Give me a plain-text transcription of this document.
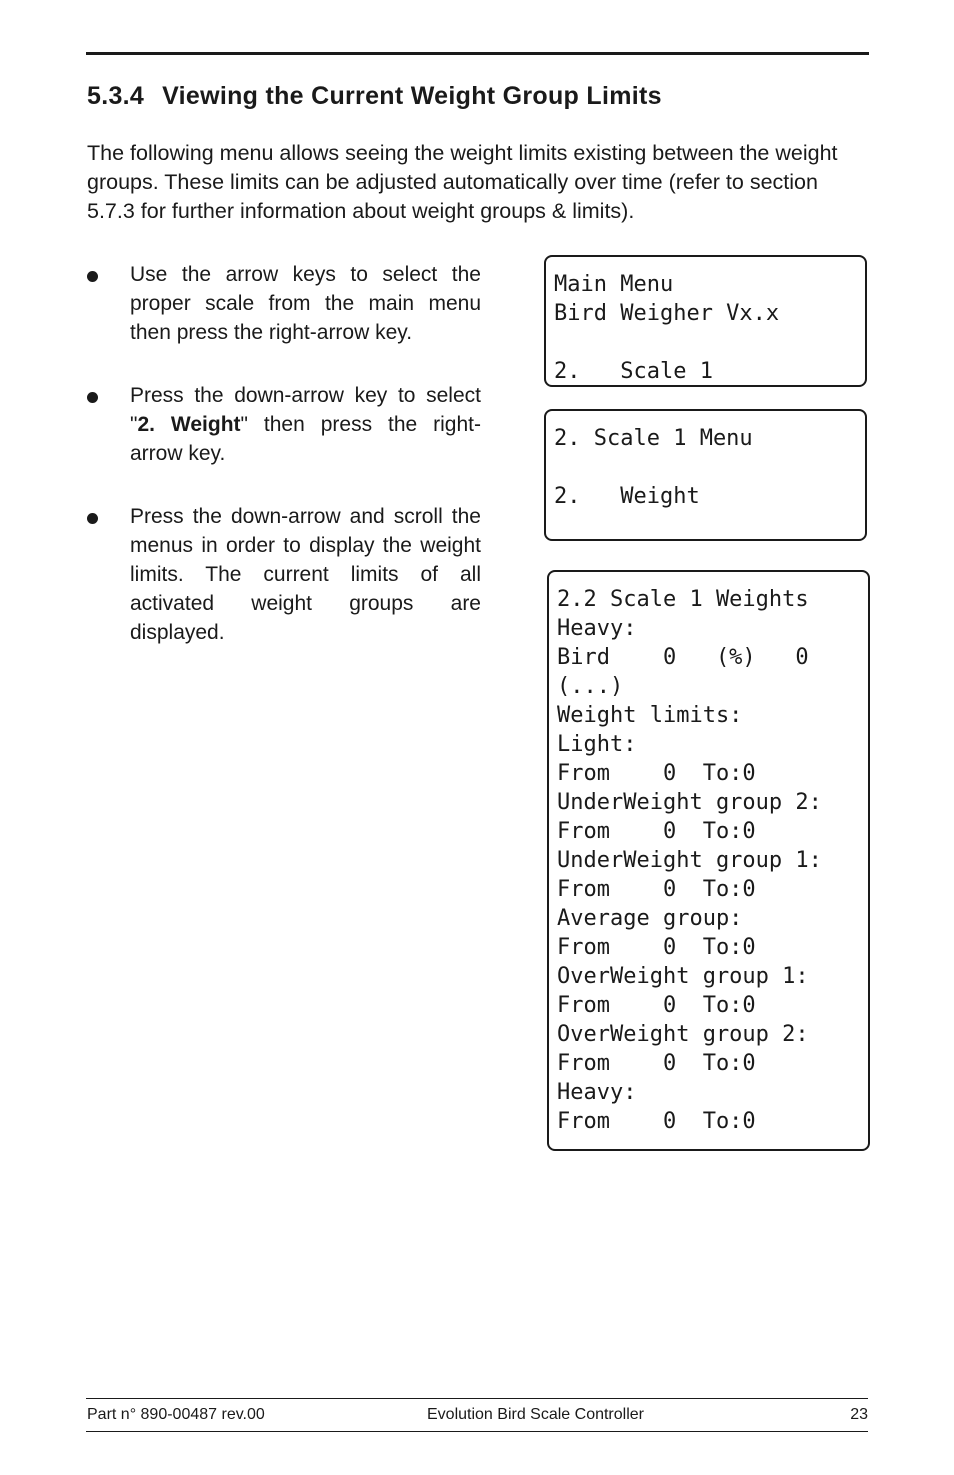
5.3.4 Viewing the Current Weight Group Limits

The following menu allows seeing the weight limits existing between the weight groups. These limits can be adjusted automatically over time (refer to section 5.7.3 for further information about weight groups & limits).

Use the arrow keys to select the proper scale from the main menu then press the right-arrow key.
Press the down-arrow key to select "2. Weight" then press the right-arrow key.
Press the down-arrow and scroll the menus in order to display the weight limits. The current limits of all activated weight groups are displayed.
Main Menu
Bird Weigher Vx.x
2.   Scale 1
2. Scale 1 Menu
2.   Weight
2.2 Scale 1 Weights
Heavy:
Bird    0   (%)   0
(...)
Weight limits:
Light:
From    0  To:0
UnderWeight group 2:
From    0  To:0
UnderWeight group 1:
From    0  To:0
Average group:
From    0  To:0
OverWeight group 1:
From    0  To:0
OverWeight group 2:
From    0  To:0
Heavy:
From    0  To:0
Part n° 890-00487 rev.00	Evolution Bird Scale Controller	23
